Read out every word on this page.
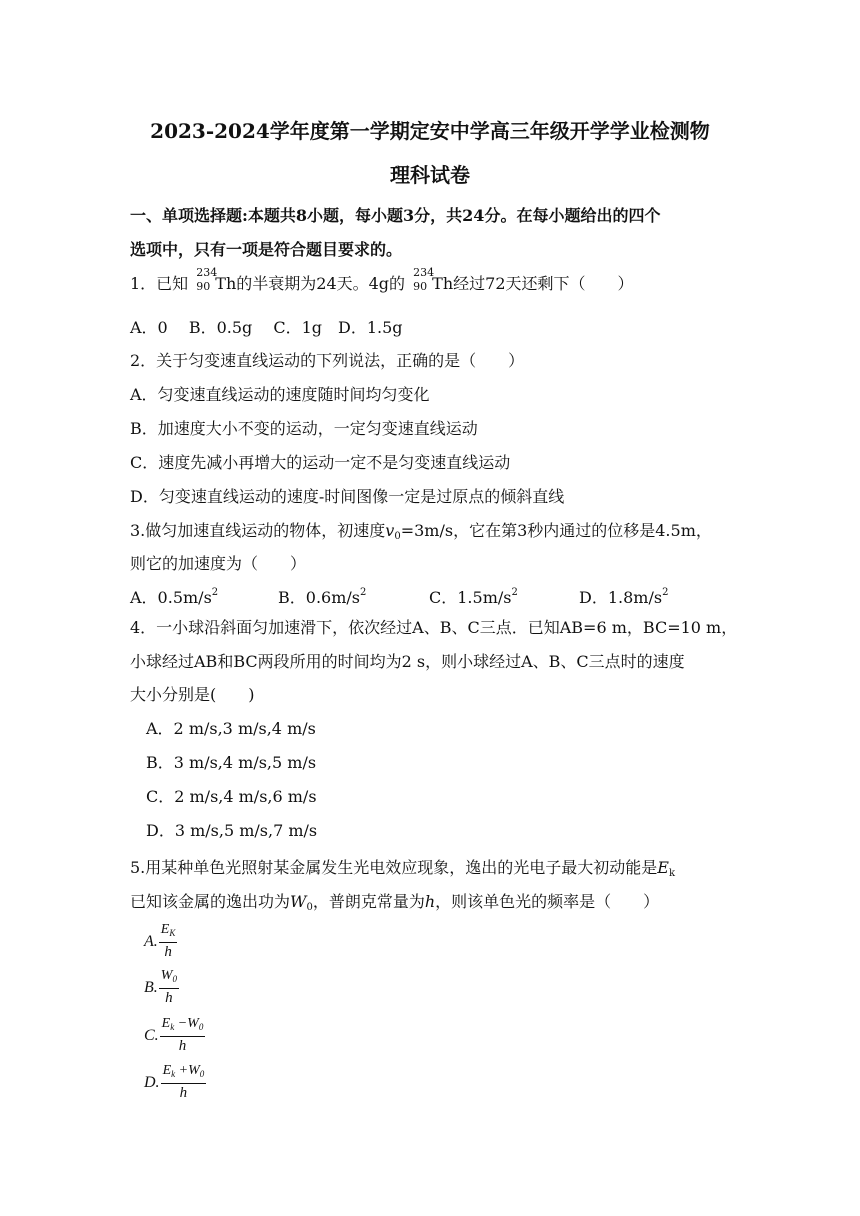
2023-2024学年度第一学期定安中学高三年级开学学业检测物
理科试卷
一、单项选择题:本题共8小题，每小题3分，共24分。在每小题给出的四个
选项中，只有一项是符合题目要求的。
1．已知
234
90 Th的半衰期为24天。4g的
234
90 Th经过72天还剩下（　　）
A．0　 B．0.5g　 C．1g　D．1.5g
2．关于匀变速直线运动的下列说法，正确的是（　　）
A．匀变速直线运动的速度随时间均匀变化
B．加速度大小不变的运动，一定匀变速直线运动
C．速度先减小再增大的运动一定不是匀变速直线运动
D．匀变速直线运动的速度-时间图像一定是过原点的倾斜直线
3.做匀加速直线运动的物体，初速度$v_0=3m/s$，它在第3秒内通过的位移是4.5m，
则它的加速度为（　　）
A．$0.5m/s^2$	B．$0.6m/s^2$	C．$1.5m/s^2$	D．$1.8m/s^2$
4．一小球沿斜面匀加速滑下，依次经过A、B、C三点．已知AB=6 m，BC=10 m，
小球经过AB和BC两段所用的时间均为2 s，则小球经过A、B、C三点时的速度
大小分别是(　　)
A．2 m/s,3 m/s,4 m/s
B．3 m/s,4 m/s,5 m/s
C．2 m/s,4 m/s,6 m/s
D．3 m/s,5 m/s,7 m/s
5.用某种单色光照射某金属发生光电效应现象，逸出的光电子最大初动能是$E_k$
已知该金属的逸出功为$W_0$，普朗克常量为h，则该单色光的频率是（　　）
A. $\frac{E_K}{h}$
B. $\frac{W_0}{h}$
C. $\frac{E_k -W_0}{h}$
D. $\frac{E_k +W_0}{h}$
